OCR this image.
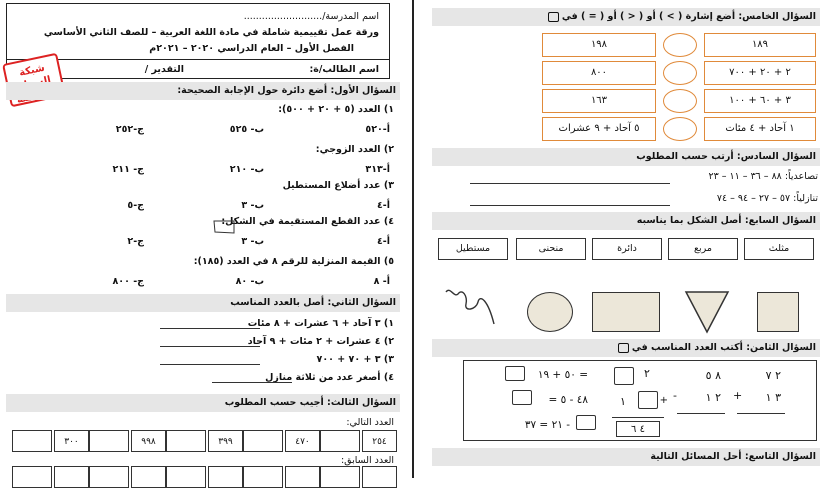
اسم المدرسة/..........................
ورقة عمل تقييمية شاملة في مادة اللغة العربية – للصف الثاني الأساسي
الفصل الأول – العام الدراسي ٢٠٢٠ – ٢٠٢١م
اسم الطالب/ة:
التقدير /
شبكة
السؤال الأول: أضع دائرة حول الإجابة الصحيحة:
١) العدد (٥ + ٢٠ + ٥٠٠):
أ-٥٢٠
ب- ٥٢٥
ج-٢٥٢
٢) العدد الزوجي:
أ-٣١٣
ب- ٢١٠
ج- ٢١١
٣) عدد أضلاع المستطيل
أ-٤
ب- ٣
ج-٥
٤) عدد القطع المستقيمة في الشكل:
أ-٤
ب- ٣
ج-٢
٥) القيمة المنزلية للرقم ٨ في العدد (١٨٥):
أ- ٨
ب- ٨٠
ج- ٨٠٠
السؤال الثاني: أصل بالعدد المناسب
١) ٣ آحاد + ٦ عشرات + ٨ مئات
٢) ٤ عشرات + ٢ مئات + ٩ آحاد
٣) ٣ + ٧٠ + ٧٠٠
٤) أصغر عدد من ثلاثة منازل
السؤال الثالث: أجيب حسب المطلوب
العدد التالي:
٢٥٤
٤٧٠
٣٩٩
٩٩٨
٣٠٠
العدد السابق:
السؤال الخامس: أضع إشارة ( > ) أو ( < ) أو ( = ) في
١٨٩
١٩٨
٢ + ٢٠ + ٧٠٠
٨٠٠
٣ + ٦٠ + ١٠٠
١٦٣
١ آحاد + ٤ مئات
٥ آحاد + ٩ عشرات
السؤال السادس: أرتب حسب المطلوب
تصاعدياً: ٨٨ – ٣٦ – ١١ – ٢٣
تنازلياً: ٥٧ – ٢٧ – ٩٤ – ٧٤
السؤال السابع: أصل الشكل بما يناسبه
مثلث
مربع
دائرة
منحنى
مستطيل
السؤال الثامن: أكتب العدد المناسب في
٢ ٧
+ ٣ ١
٨ ٥
-	٢ ١
٢
+
١
٤ ٦
= ٥٠ + ١٩
٤٨ - ٥ =
- ٢١ = ٣٧
السؤال التاسع: أحل المسائل التالية
